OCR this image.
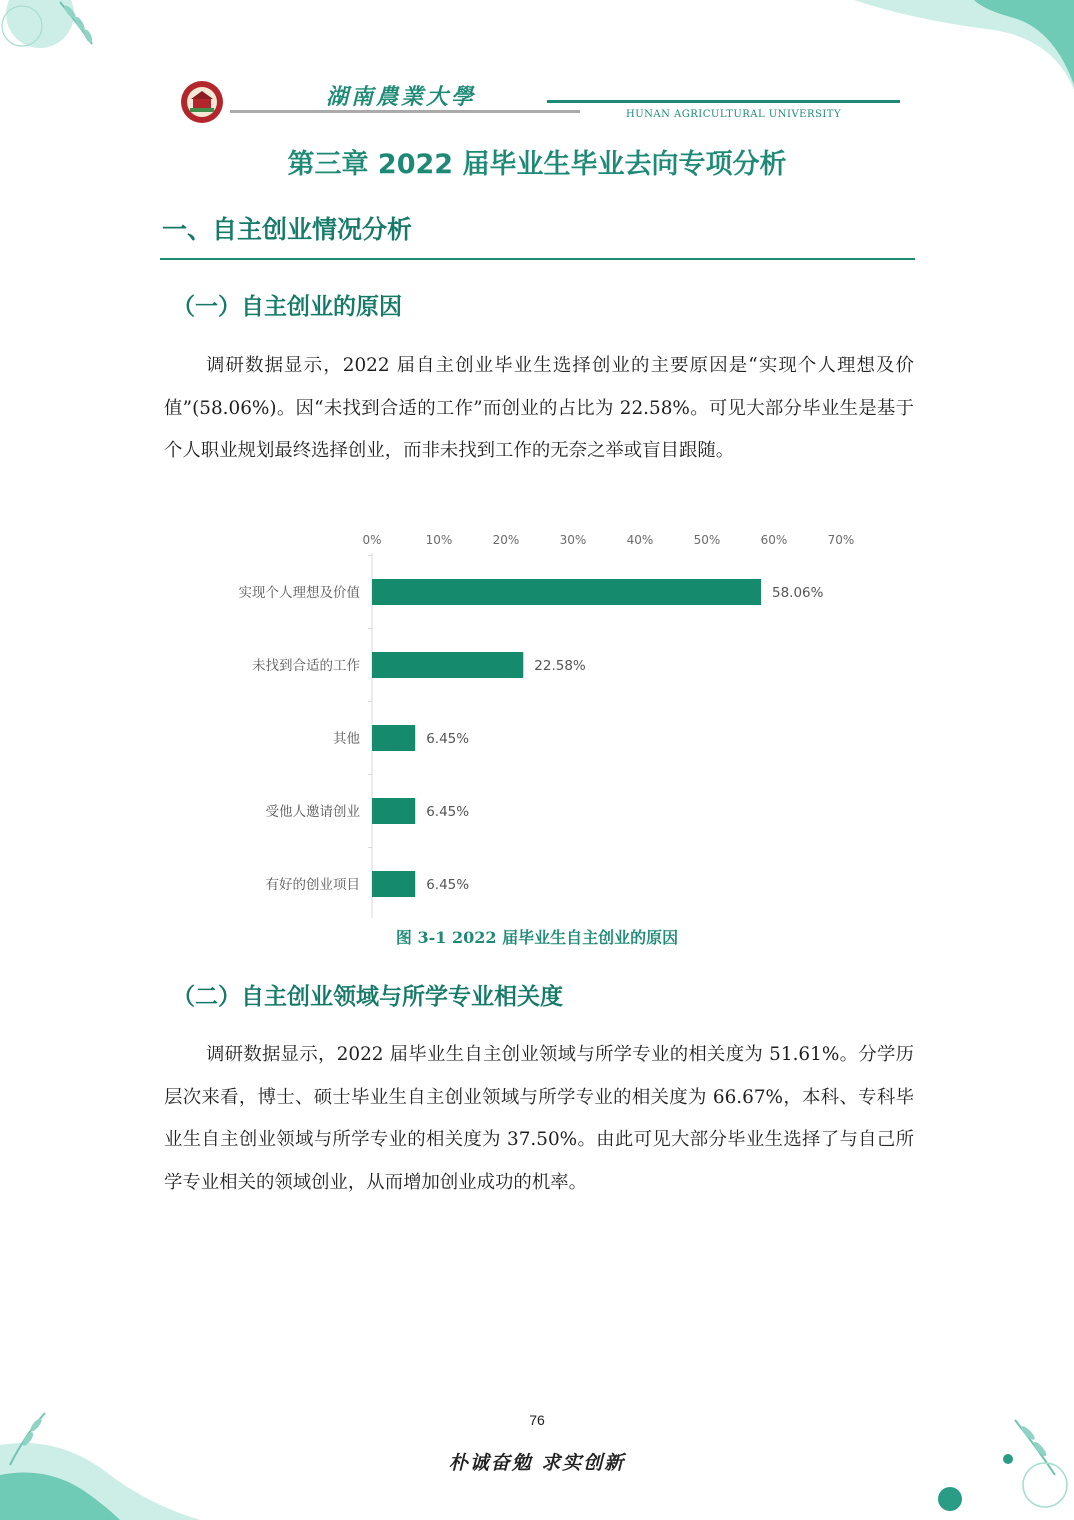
湖南農業大學
HUNAN AGRICULTURAL UNIVERSITY
第三章 2022 届毕业生毕业去向专项分析
一、自主创业情况分析
（一）自主创业的原因
调研数据显示，2022 届自主创业毕业生选择创业的主要原因是“实现个人理想及价值”(58.06%)。因“未找到合适的工作”而创业的占比为 22.58%。可见大部分毕业生是基于个人职业规划最终选择创业，而非未找到工作的无奈之举或盲目跟随。
0%	10%	20%	30%	40%	50%	60%	70%
实现个人理想及价值	58.06%
未找到合适的工作	22.58%
其他	6.45%
受他人邀请创业	6.45%
有好的创业项目	6.45%
图 3-1 2022 届毕业生自主创业的原因
（二）自主创业领域与所学专业相关度
调研数据显示，2022 届毕业生自主创业领域与所学专业的相关度为 51.61%。分学历层次来看，博士、硕士毕业生自主创业领域与所学专业的相关度为 66.67%，本科、专科毕业生自主创业领域与所学专业的相关度为 37.50%。由此可见大部分毕业生选择了与自己所学专业相关的领域创业，从而增加创业成功的机率。
76
朴诚奋勉 求实创新
